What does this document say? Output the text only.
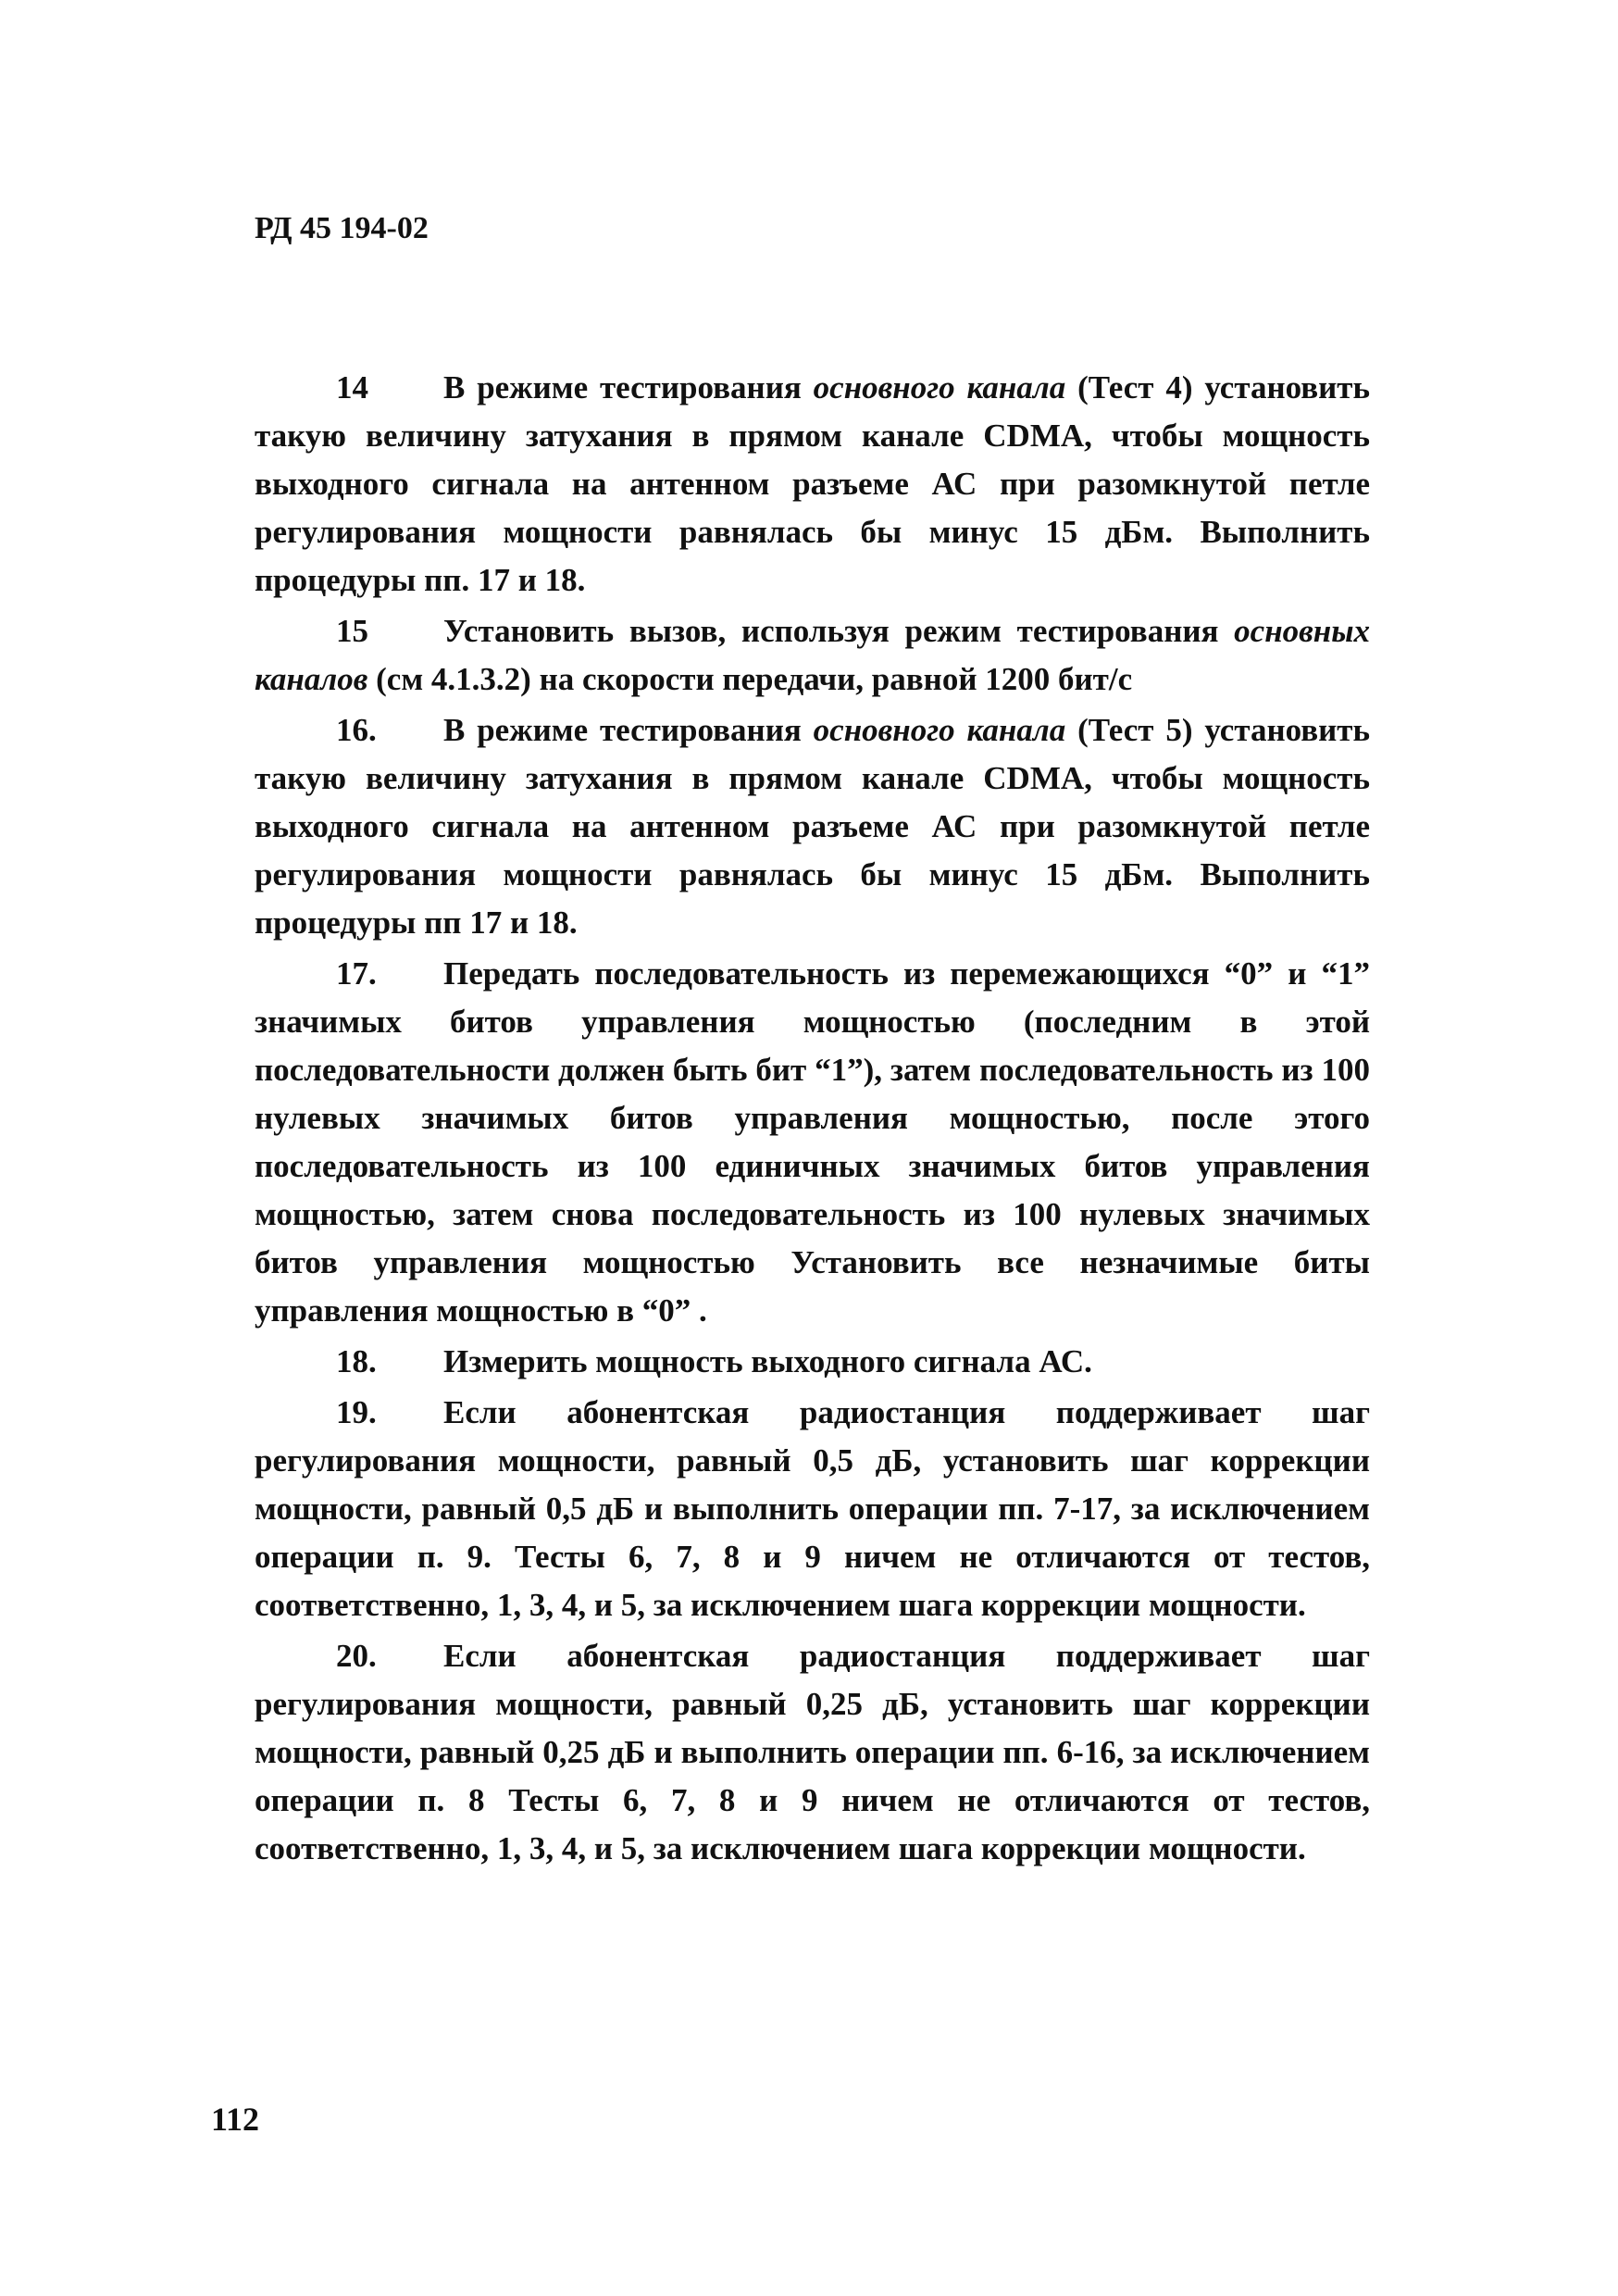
РД 45 194-02

14 В режиме тестирования основного канала (Тест 4) установить такую величину затухания в прямом канале CDMA, чтобы мощность выходного сигнала на антенном разъеме АС при разомкнутой петле регулирования мощности равнялась бы минус 15 дБм. Выполнить процедуры пп. 17 и 18.

15 Установить вызов, используя режим тестирования основных каналов (см 4.1.3.2) на скорости передачи, равной 1200 бит/с

16. В режиме тестирования основного канала (Тест 5) установить такую величину затухания в прямом канале CDMA, чтобы мощность выходного сигнала на антенном разъеме АС при разомкнутой петле регулирования мощности равнялась бы минус 15 дБм. Выполнить процедуры пп 17 и 18.

17. Передать последовательность из перемежающихся “0” и “1” значимых битов управления мощностью (последним в этой последовательности должен быть бит “1”), затем последовательность из 100 нулевых значимых битов управления мощностью, после этого последовательность из 100 единичных значимых битов управления мощностью, затем снова последовательность из 100 нулевых значимых битов управления мощностью Установить все незначимые биты управления мощностью в “0” .

18. Измерить мощность выходного сигнала АС.

19. Если абонентская радиостанция поддерживает шаг регулирования мощности, равный 0,5 дБ, установить шаг коррекции мощности, равный 0,5 дБ и выполнить операции пп. 7-17, за исключением операции п. 9. Тесты 6, 7, 8 и 9 ничем не отличаются от тестов, соответственно, 1, 3, 4, и 5, за исключением шага коррекции мощности.

20. Если абонентская радиостанция поддерживает шаг регулирования мощности, равный 0,25 дБ, установить шаг коррекции мощности, равный 0,25 дБ и выполнить операции пп. 6-16, за исключением операции п. 8 Тесты 6, 7, 8 и 9 ничем не отличаются от тестов, соответственно, 1, 3, 4, и 5, за исключением шага коррекции мощности.

112
